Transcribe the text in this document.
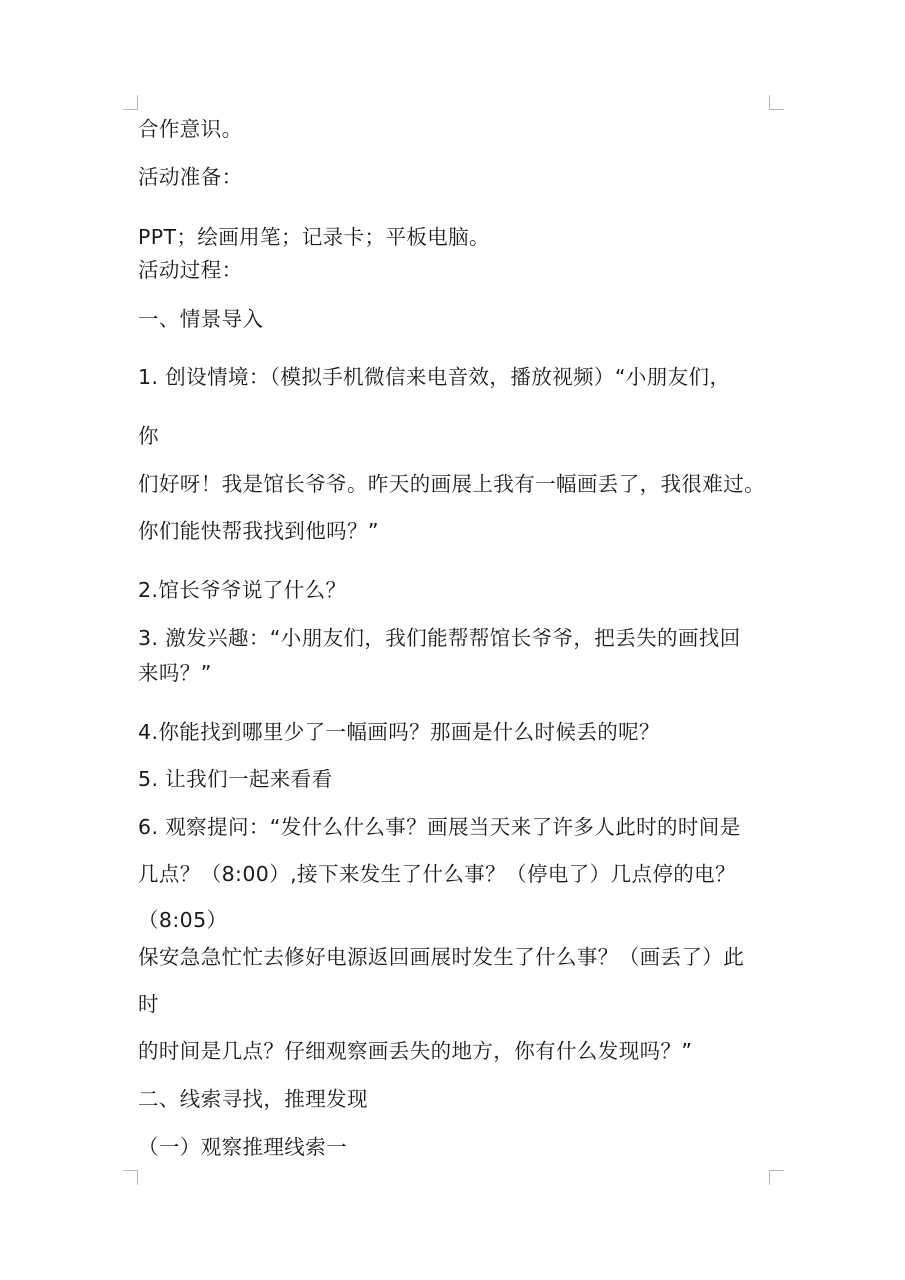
合作意识。
活动准备：
PPT；绘画用笔；记录卡；平板电脑。
活动过程：
一、情景导入
1. 创设情境：（模拟手机微信来电音效，播放视频）“小朋友们，
你
们好呀！我是馆长爷爷。昨天的画展上我有一幅画丢了，我很难过。
你们能快帮我找到他吗？”
2.馆长爷爷说了什么？
3. 激发兴趣：“小朋友们，我们能帮帮馆长爷爷，把丢失的画找回
来吗？”
4.你能找到哪里少了一幅画吗？那画是什么时候丢的呢？
5. 让我们一起来看看
6. 观察提问：“发什么什么事？画展当天来了许多人此时的时间是
几点？（8:00）,接下来发生了什么事？（停电了）几点停的电？
（8:05）
保安急急忙忙去修好电源返回画展时发生了什么事？（画丢了）此
时
的时间是几点？仔细观察画丢失的地方，你有什么发现吗？”
二、线索寻找，推理发现
（一）观察推理线索一
